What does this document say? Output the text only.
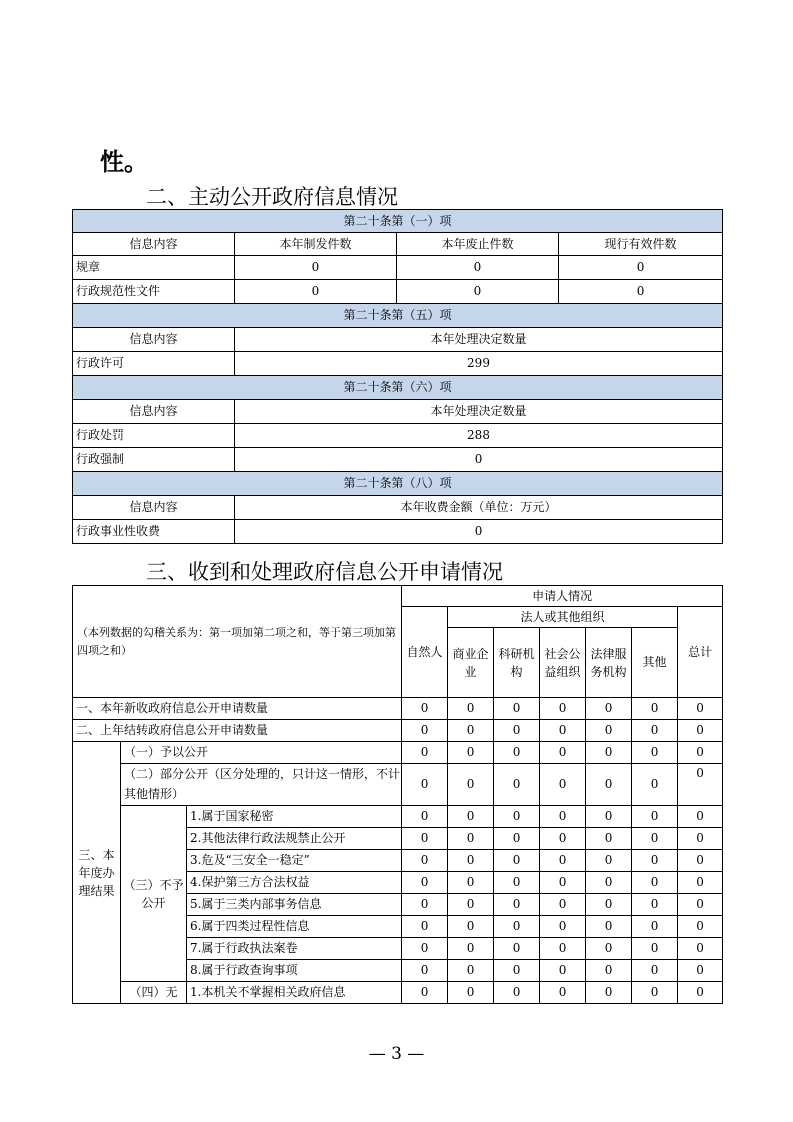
性。
二、主动公开政府信息情况
第二十条第（一）项			
信息内容	本年制发件数	本年废止件数	现行有效件数
规章	0	0	0
行政规范性文件	0	0	0
第二十条第（五）项			
信息内容	本年处理决定数量		
行政许可	299		
第二十条第（六）项			
信息内容	本年处理决定数量		
行政处罚	288		
行政强制	0		
第二十条第（八）项			
信息内容	本年收费金额（单位：万元）		
行政事业性收费	0		
三、收到和处理政府信息公开申请情况
（本列数据的勾稽关系为：第一项加第二项之和，等于第三项加第四项之和）			申请人情况						
			自然人	法人或其他组织					总计
				商业企业	科研机构	社会公益组织	法律服务机构	其他	
一、本年新收政府信息公开申请数量			0	0	0	0	0	0	0
二、上年结转政府信息公开申请数量			0	0	0	0	0	0	0
三、本年度办理结果	（一）予以公开		0	0	0	0	0	0	0
	（二）部分公开（区分处理的，只计这一情形，不计其他情形）		0	0	0	0	0	0	0
	（三）不予公开	1.属于国家秘密	0	0	0	0	0	0	0
		2.其他法律行政法规禁止公开	0	0	0	0	0	0	0
		3.危及“三安全一稳定”	0	0	0	0	0	0	0
		4.保护第三方合法权益	0	0	0	0	0	0	0
		5.属于三类内部事务信息	0	0	0	0	0	0	0
		6.属于四类过程性信息	0	0	0	0	0	0	0
		7.属于行政执法案卷	0	0	0	0	0	0	0
		8.属于行政查询事项	0	0	0	0	0	0	0
	（四）无	1.本机关不掌握相关政府信息	0	0	0	0	0	0	0
— 3 —
